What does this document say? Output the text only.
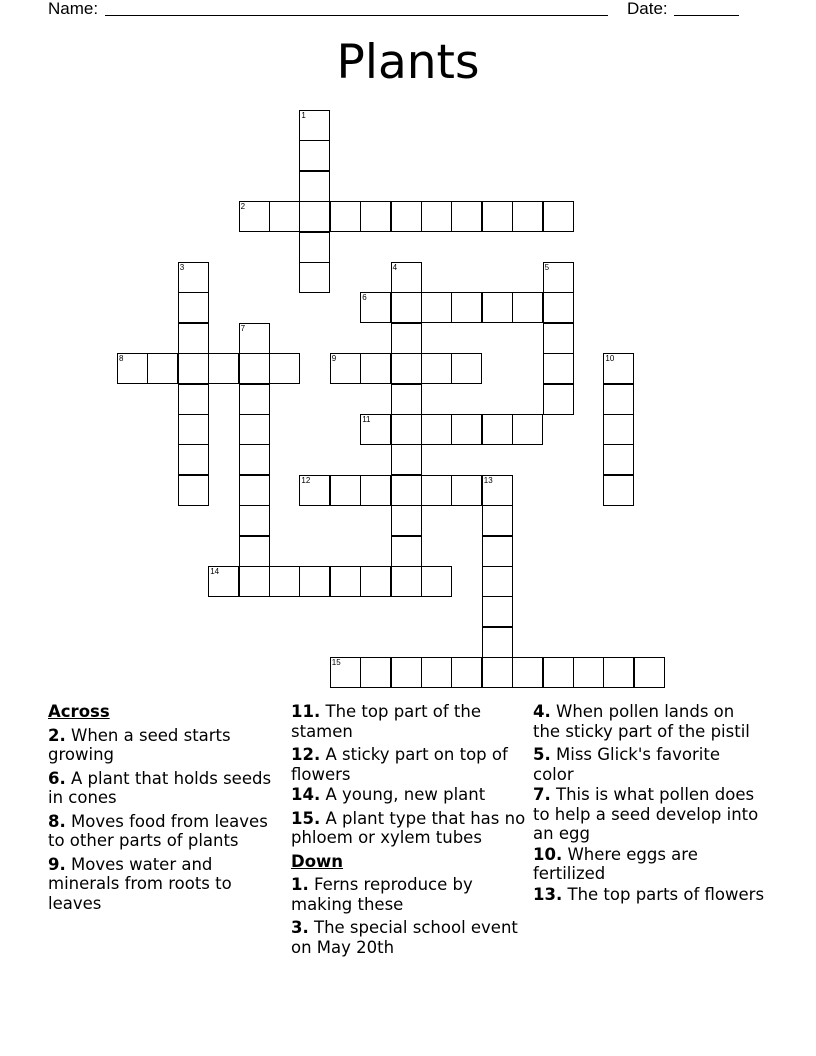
Name:	Date:
Plants
1
2
3	4	5
6
7
8	9	10
11
12	13
14
15
Across
2. When a seed starts growing
6. A plant that holds seeds in cones
8. Moves food from leaves to other parts of plants
9. Moves water and minerals from roots to leaves
11. The top part of the stamen
12. A sticky part on top of flowers
14. A young, new plant
15. A plant type that has no phloem or xylem tubes
Down
1. Ferns reproduce by making these
3. The special school event on May 20th
4. When pollen lands on the sticky part of the pistil
5. Miss Glick's favorite color
7. This is what pollen does to help a seed develop into an egg
10. Where eggs are fertilized
13. The top parts of flowers
